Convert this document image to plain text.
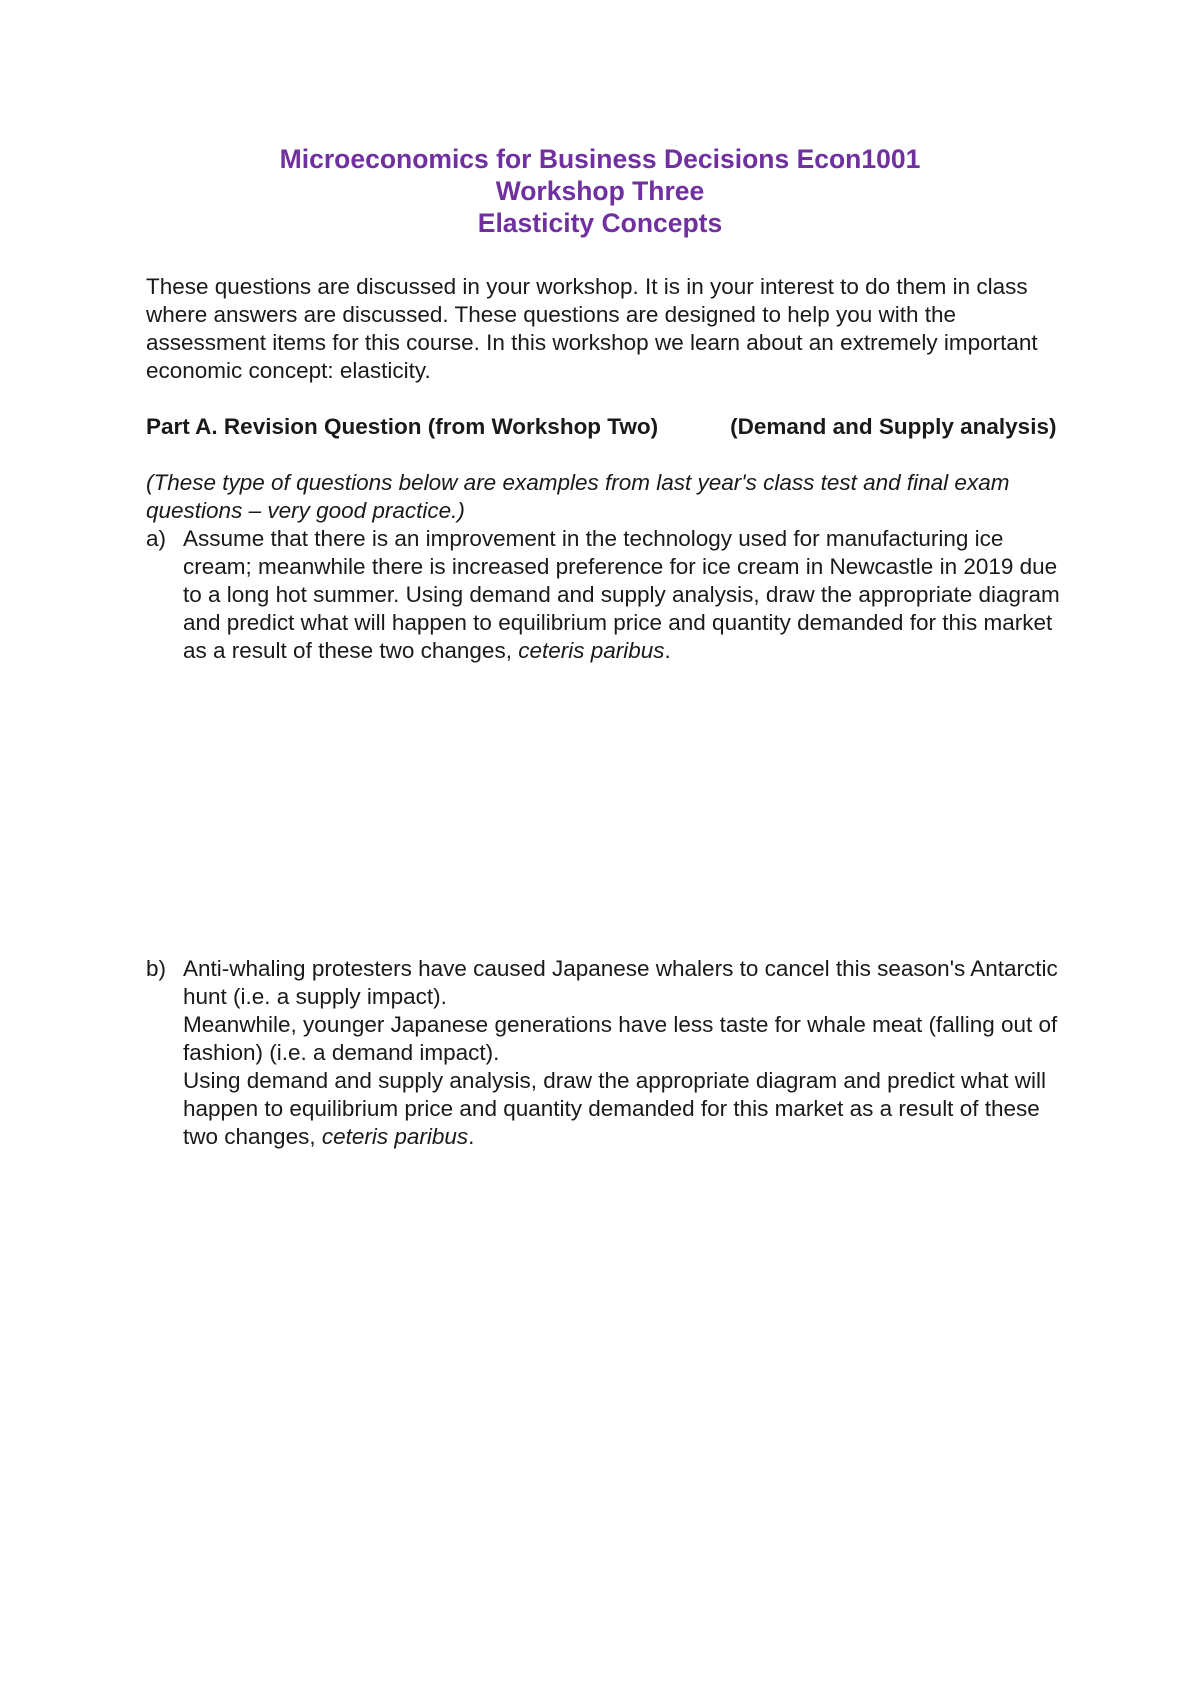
Microeconomics for Business Decisions Econ1001
Workshop Three
Elasticity Concepts
These questions are discussed in your workshop. It is in your interest to do them in class where answers are discussed. These questions are designed to help you with the assessment items for this course. In this workshop we learn about an extremely important economic concept: elasticity.
Part A. Revision Question (from Workshop Two)	(Demand and Supply analysis)
(These type of questions below are examples from last year's class test and final exam questions – very good practice.)
a) Assume that there is an improvement in the technology used for manufacturing ice cream; meanwhile there is increased preference for ice cream in Newcastle in 2019 due to a long hot summer. Using demand and supply analysis, draw the appropriate diagram and predict what will happen to equilibrium price and quantity demanded for this market as a result of these two changes, ceteris paribus.

b) Anti-whaling protesters have caused Japanese whalers to cancel this season's Antarctic hunt (i.e. a supply impact).

Meanwhile, younger Japanese generations have less taste for whale meat (falling out of fashion) (i.e. a demand impact).

Using demand and supply analysis, draw the appropriate diagram and predict what will happen to equilibrium price and quantity demanded for this market as a result of these two changes, ceteris paribus.
